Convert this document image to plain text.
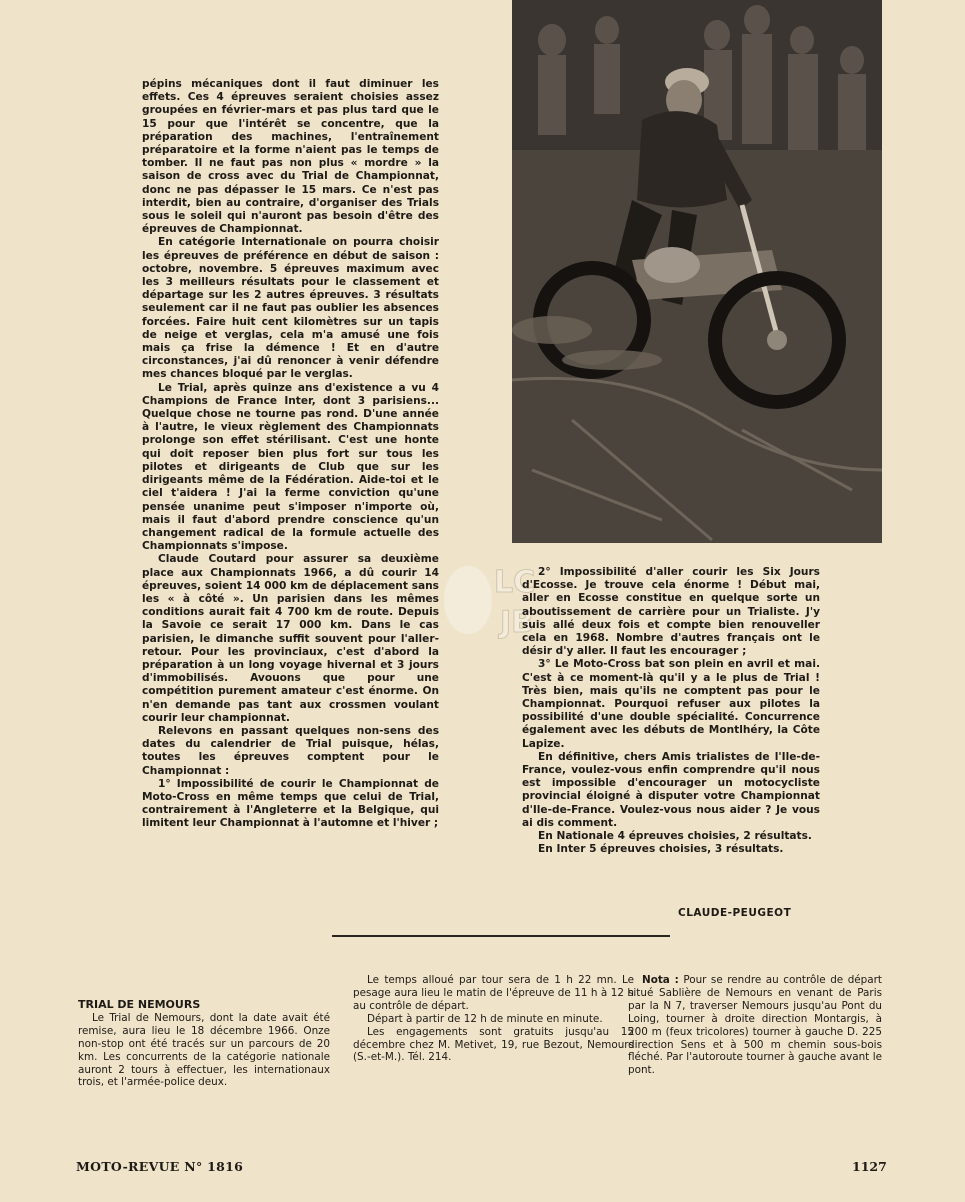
LC
JB

pépins mécaniques dont il faut diminuer les effets. Ces 4 épreuves seraient choisies assez groupées en février-mars et pas plus tard que le 15 pour que l'intérêt se concentre, que la préparation des machines, l'entraînement préparatoire et la forme n'aient pas le temps de tomber. Il ne faut pas non plus « mordre » la saison de cross avec du Trial de Championnat, donc ne pas dépasser le 15 mars. Ce n'est pas interdit, bien au contraire, d'organiser des Trials sous le soleil qui n'auront pas besoin d'être des épreuves de Championnat.

En catégorie Internationale on pourra choisir les épreuves de préférence en début de saison : octobre, novembre. 5 épreuves maximum avec les 3 meilleurs résultats pour le classement et départage sur les 2 autres épreuves. 3 résultats seulement car il ne faut pas oublier les absences forcées. Faire huit cent kilomètres sur un tapis de neige et verglas, cela m'a amusé une fois mais ça frise la démence ! Et en d'autre circonstances, j'ai dû renoncer à venir défendre mes chances bloqué par le verglas.

Le Trial, après quinze ans d'existence a vu 4 Champions de France Inter, dont 3 parisiens... Quelque chose ne tourne pas rond. D'une année à l'autre, le vieux règlement des Championnats prolonge son effet stérilisant. C'est une honte qui doit reposer bien plus fort sur tous les pilotes et dirigeants de Club que sur les dirigeants même de la Fédération. Aide-toi et le ciel t'aidera ! J'ai la ferme conviction qu'une pensée unanime peut s'imposer n'importe où, mais il faut d'abord prendre conscience qu'un changement radical de la formule actuelle des Championnats s'impose.

Claude Coutard pour assurer sa deuxième place aux Championnats 1966, a dû courir 14 épreuves, soient 14 000 km de déplacement sans les « à côté ». Un parisien dans les mêmes conditions aurait fait 4 700 km de route. Depuis la Savoie ce serait 17 000 km. Dans le cas parisien, le dimanche suffit souvent pour l'aller-retour. Pour les provinciaux, c'est d'abord la préparation à un long voyage hivernal et 3 jours d'immobilisés. Avouons que pour une compétition purement amateur c'est énorme. On n'en demande pas tant aux crossmen voulant courir leur championnat.

Relevons en passant quelques non-sens des dates du calendrier de Trial puisque, hélas, toutes les épreuves comptent pour le Championnat :

1° Impossibilité de courir le Championnat de Moto-Cross en même temps que celui de Trial, contrairement à l'Angleterre et la Belgique, qui limitent leur Championnat à l'automne et l'hiver ;

2° Impossibilité d'aller courir les Six Jours d'Ecosse. Je trouve cela énorme ! Début mai, aller en Ecosse constitue en quelque sorte un aboutissement de carrière pour un Trialiste. J'y suis allé deux fois et compte bien renouveller cela en 1968. Nombre d'autres français ont le désir d'y aller. Il faut les encourager ;

3° Le Moto-Cross bat son plein en avril et mai. C'est à ce moment-là qu'il y a le plus de Trial ! Très bien, mais qu'ils ne comptent pas pour le Championnat. Pourquoi refuser aux pilotes la possibilité d'une double spécialité. Concurrence également avec les débuts de Montlhéry, la Côte Lapize.

En définitive, chers Amis trialistes de l'Ile-de-France, voulez-vous enfin comprendre qu'il nous est impossible d'encourager un motocycliste provincial éloigné à disputer votre Championnat d'Ile-de-France. Voulez-vous nous aider ? Je vous ai dis comment.

En Nationale 4 épreuves choisies, 2 résultats.

En Inter 5 épreuves choisies, 3 résultats.

CLAUDE-PEUGEOT

TRIAL DE NEMOURS

Le Trial de Nemours, dont la date avait été remise, aura lieu le 18 décembre 1966. Onze non-stop ont été tracés sur un parcours de 20 km. Les concurrents de la catégorie nationale auront 2 tours à effectuer, les internationaux trois, et l'armée-police deux.

Le temps alloué par tour sera de 1 h 22 mn. Le pesage aura lieu le matin de l'épreuve de 11 h à 12 h au contrôle de départ.

Départ à partir de 12 h de minute en minute.

Les engagements sont gratuits jusqu'au 15 décembre chez M. Metivet, 19, rue Bezout, Nemours (S.-et-M.). Tél. 214.

Nota : Pour se rendre au contrôle de départ situé Sablière de Nemours en venant de Paris par la N 7, traverser Nemours jusqu'au Pont du Loing, tourner à droite direction Montargis, à 200 m (feux tricolores) tourner à gauche D. 225 direction Sens et à 500 m chemin sous-bois fléché. Par l'autoroute tourner à gauche avant le pont.

MOTO-REVUE N° 1816	1127
